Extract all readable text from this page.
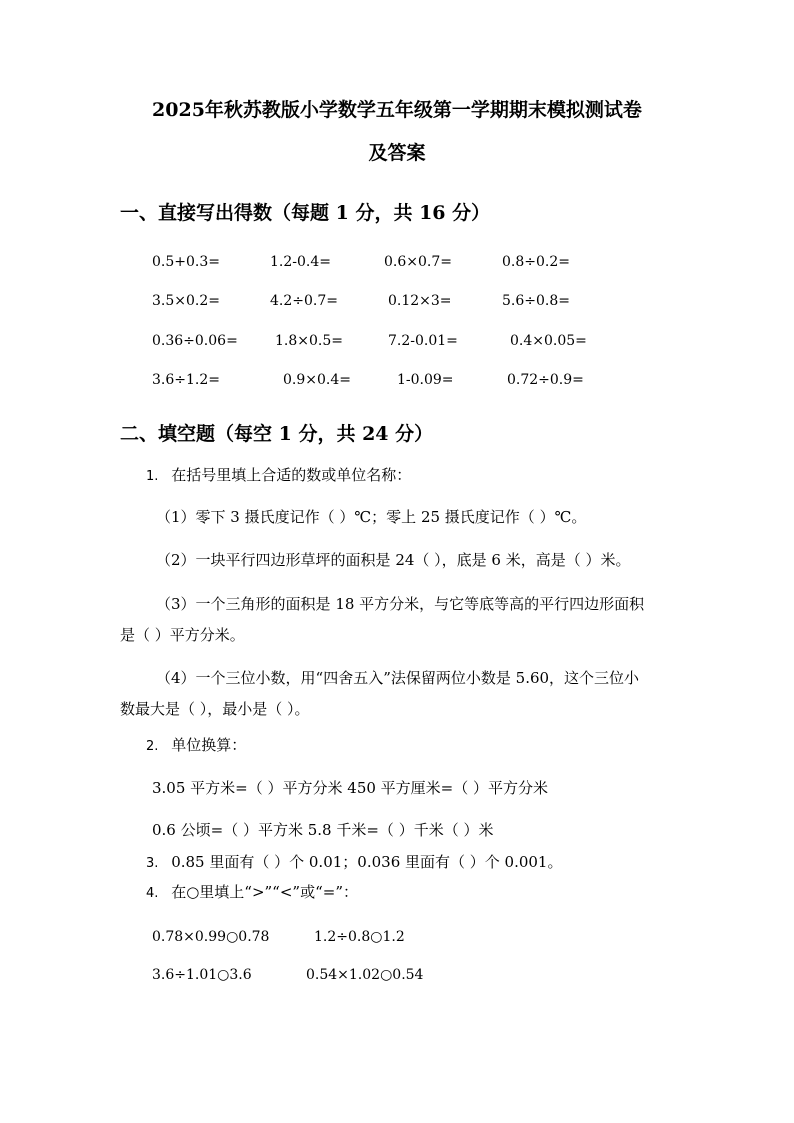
2025年秋苏教版小学数学五年级第一学期期末模拟测试卷
及答案
一、直接写出得数（每题 1 分，共 16 分）
0.5+0.3=	1.2-0.4=	0.6×0.7=	0.8÷0.2=
3.5×0.2=	4.2÷0.7=	0.12×3=	5.6÷0.8=
0.36÷0.06=	1.8×0.5=	7.2-0.01=	0.4×0.05=
3.6÷1.2=	0.9×0.4=	1-0.09=	0.72÷0.9=
二、填空题（每空 1 分，共 24 分）
1. 在括号里填上合适的数或单位名称：
（1）零下 3 摄氏度记作（ ）℃；零上 25 摄氏度记作（ ）℃。
（2）一块平行四边形草坪的面积是 24（ ），底是 6 米，高是（ ）米。
（3）一个三角形的面积是 18 平方分米，与它等底等高的平行四边形面积
是（ ）平方分米。
（4）一个三位小数，用“四舍五入”法保留两位小数是 5.60，这个三位小
数最大是（ ），最小是（ ）。
2. 单位换算：
3.05 平方米=（ ）平方分米 450 平方厘米=（ ）平方分米
0.6 公顷=（ ）平方米 5.8 千米=（ ）千米（ ）米
3. 0.85 里面有（ ）个 0.01；0.036 里面有（ ）个 0.001。
4. 在○里填上“>”“<”或“=”：
0.78×0.99○0.78	1.2÷0.8○1.2
3.6÷1.01○3.6	0.54×1.02○0.54
